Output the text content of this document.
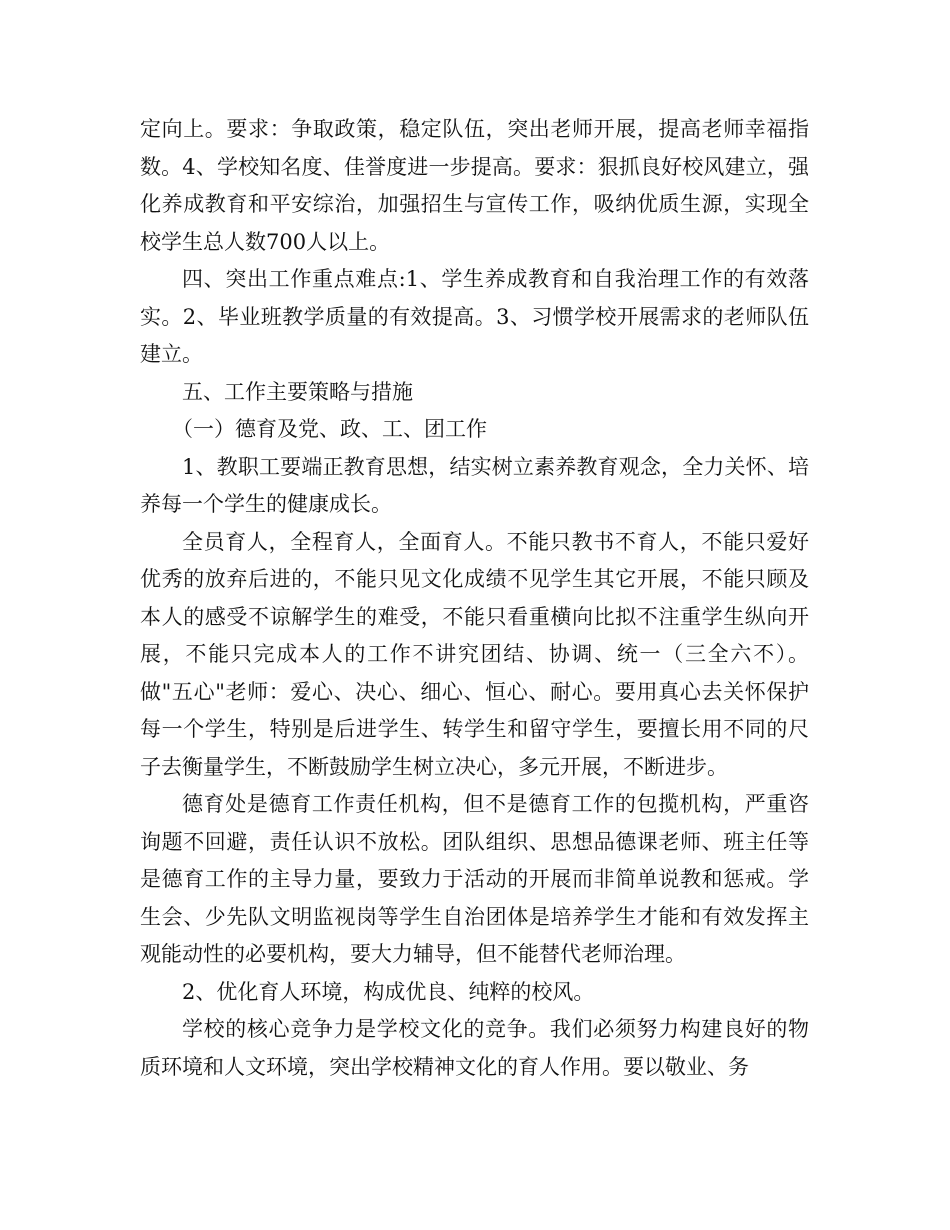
定向上。要求：争取政策，稳定队伍，突出老师开展，提高老师幸福指数。4、学校知名度、佳誉度进一步提高。要求：狠抓良好校风建立，强化养成教育和平安综治，加强招生与宣传工作，吸纳优质生源，实现全校学生总人数700人以上。

四、突出工作重点难点:1、学生养成教育和自我治理工作的有效落实。2、毕业班教学质量的有效提高。3、习惯学校开展需求的老师队伍建立。

五、工作主要策略与措施

（一）德育及党、政、工、团工作

1、教职工要端正教育思想，结实树立素养教育观念，全力关怀、培养每一个学生的健康成长。

全员育人，全程育人，全面育人。不能只教书不育人，不能只爱好优秀的放弃后进的，不能只见文化成绩不见学生其它开展，不能只顾及本人的感受不谅解学生的难受，不能只看重横向比拟不注重学生纵向开展，不能只完成本人的工作不讲究团结、协调、统一（三全六不）。做"五心"老师：爱心、决心、细心、恒心、耐心。要用真心去关怀保护每一个学生，特别是后进学生、转学生和留守学生，要擅长用不同的尺子去衡量学生，不断鼓励学生树立决心，多元开展，不断进步。

德育处是德育工作责任机构，但不是德育工作的包揽机构，严重咨询题不回避，责任认识不放松。团队组织、思想品德课老师、班主任等是德育工作的主导力量，要致力于活动的开展而非简单说教和惩戒。学生会、少先队文明监视岗等学生自治团体是培养学生才能和有效发挥主观能动性的必要机构，要大力辅导，但不能替代老师治理。

2、优化育人环境，构成优良、纯粹的校风。

学校的核心竞争力是学校文化的竞争。我们必须努力构建良好的物质环境和人文环境，突出学校精神文化的育人作用。要以敬业、务
